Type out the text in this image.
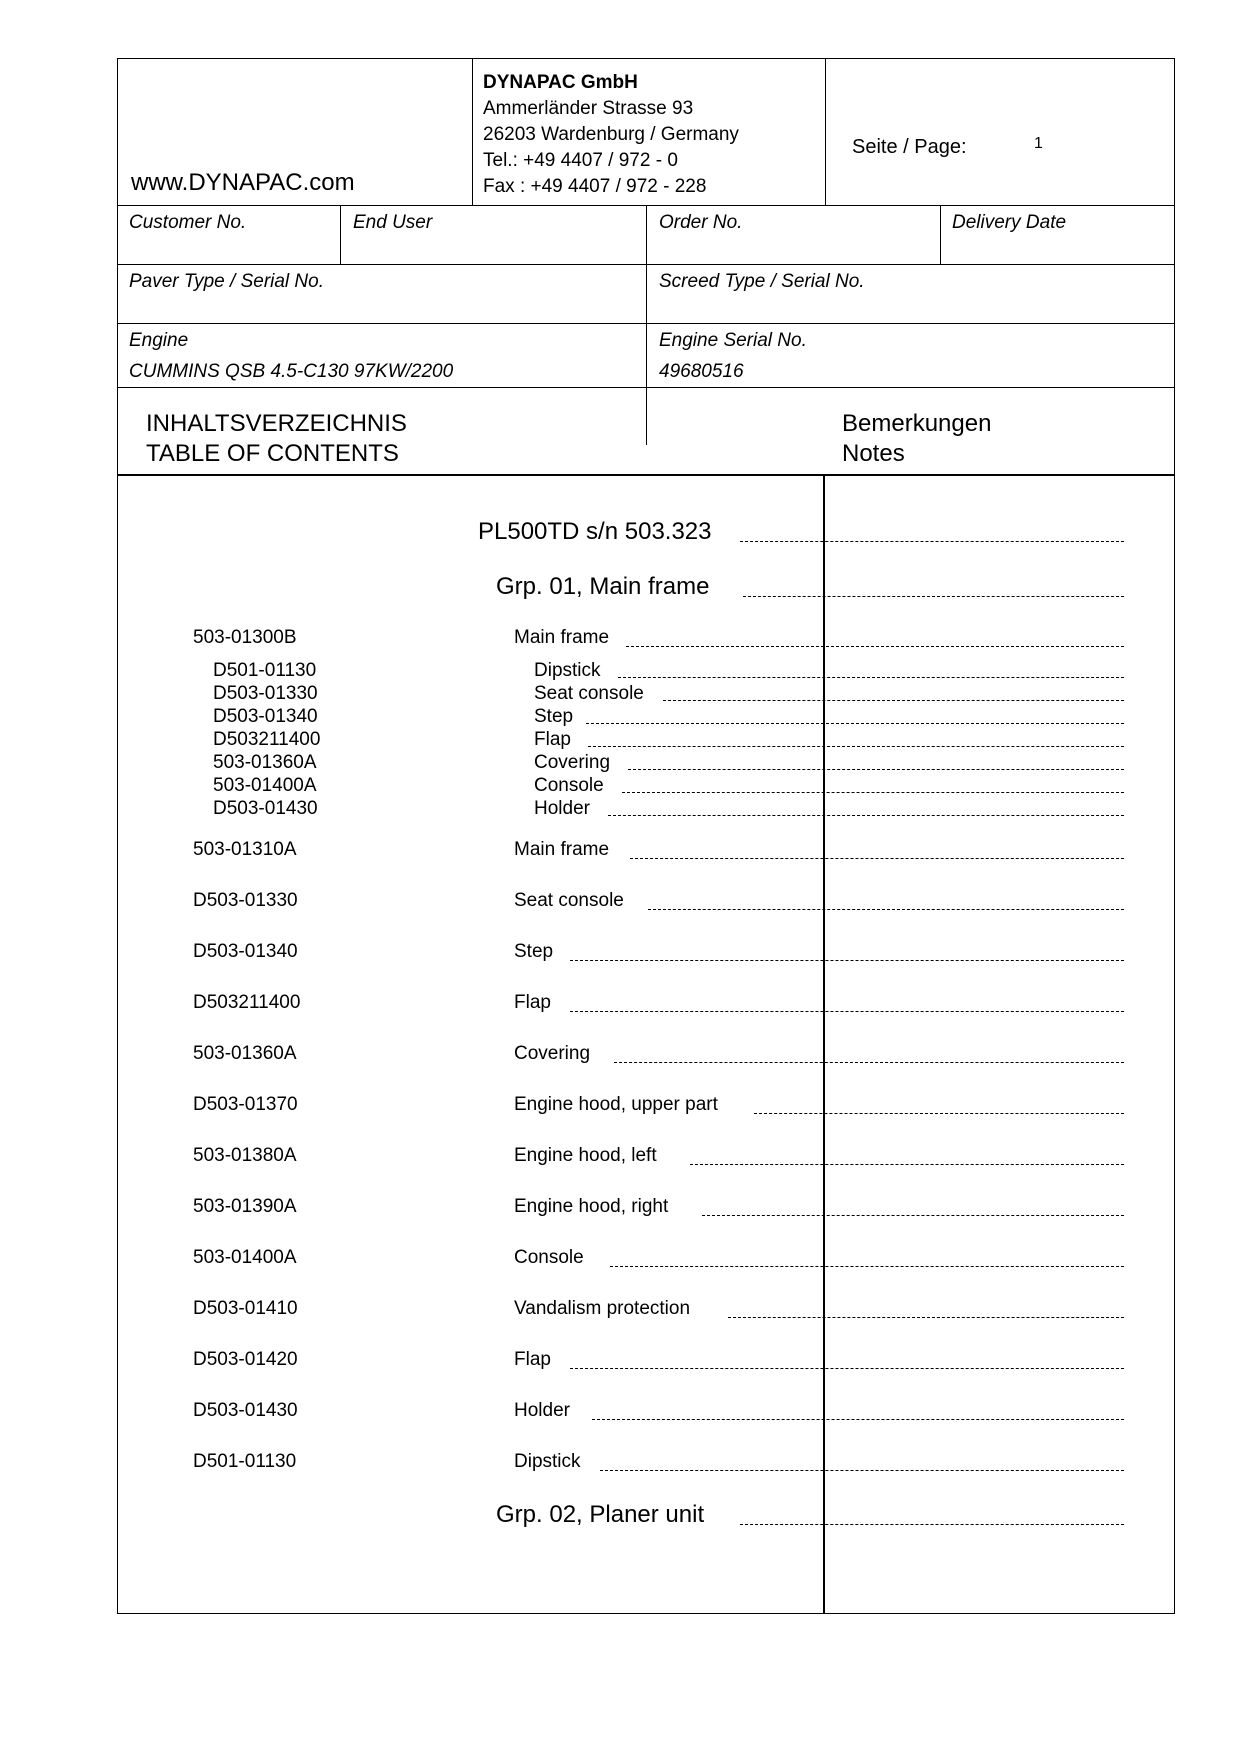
www.DYNAPAC.com
DYNAPAC GmbH
Ammerländer Strasse 93
26203 Wardenburg / Germany
Tel.: +49 4407 / 972 - 0
Fax : +49 4407 / 972 - 228
Seite / Page:	1
Customer No.	End User	Order No.	Delivery Date
Paver Type / Serial No.	Screed Type / Serial No.
Engine
CUMMINS QSB 4.5-C130 97KW/2200
Engine Serial No.
49680516
INHALTSVERZEICHNIS
TABLE OF CONTENTS
Bemerkungen
Notes
PL500TD s/n 503.323
Grp. 01, Main frame
503-01300B	Main frame
D501-01130	Dipstick
D503-01330	Seat console
D503-01340	Step
D503211400	Flap
503-01360A	Covering
503-01400A	Console
D503-01430	Holder
503-01310A	Main frame
D503-01330	Seat console
D503-01340	Step
D503211400	Flap
503-01360A	Covering
D503-01370	Engine hood, upper part
503-01380A	Engine hood, left
503-01390A	Engine hood, right
503-01400A	Console
D503-01410	Vandalism protection
D503-01420	Flap
D503-01430	Holder
D501-01130	Dipstick
Grp. 02, Planer unit
